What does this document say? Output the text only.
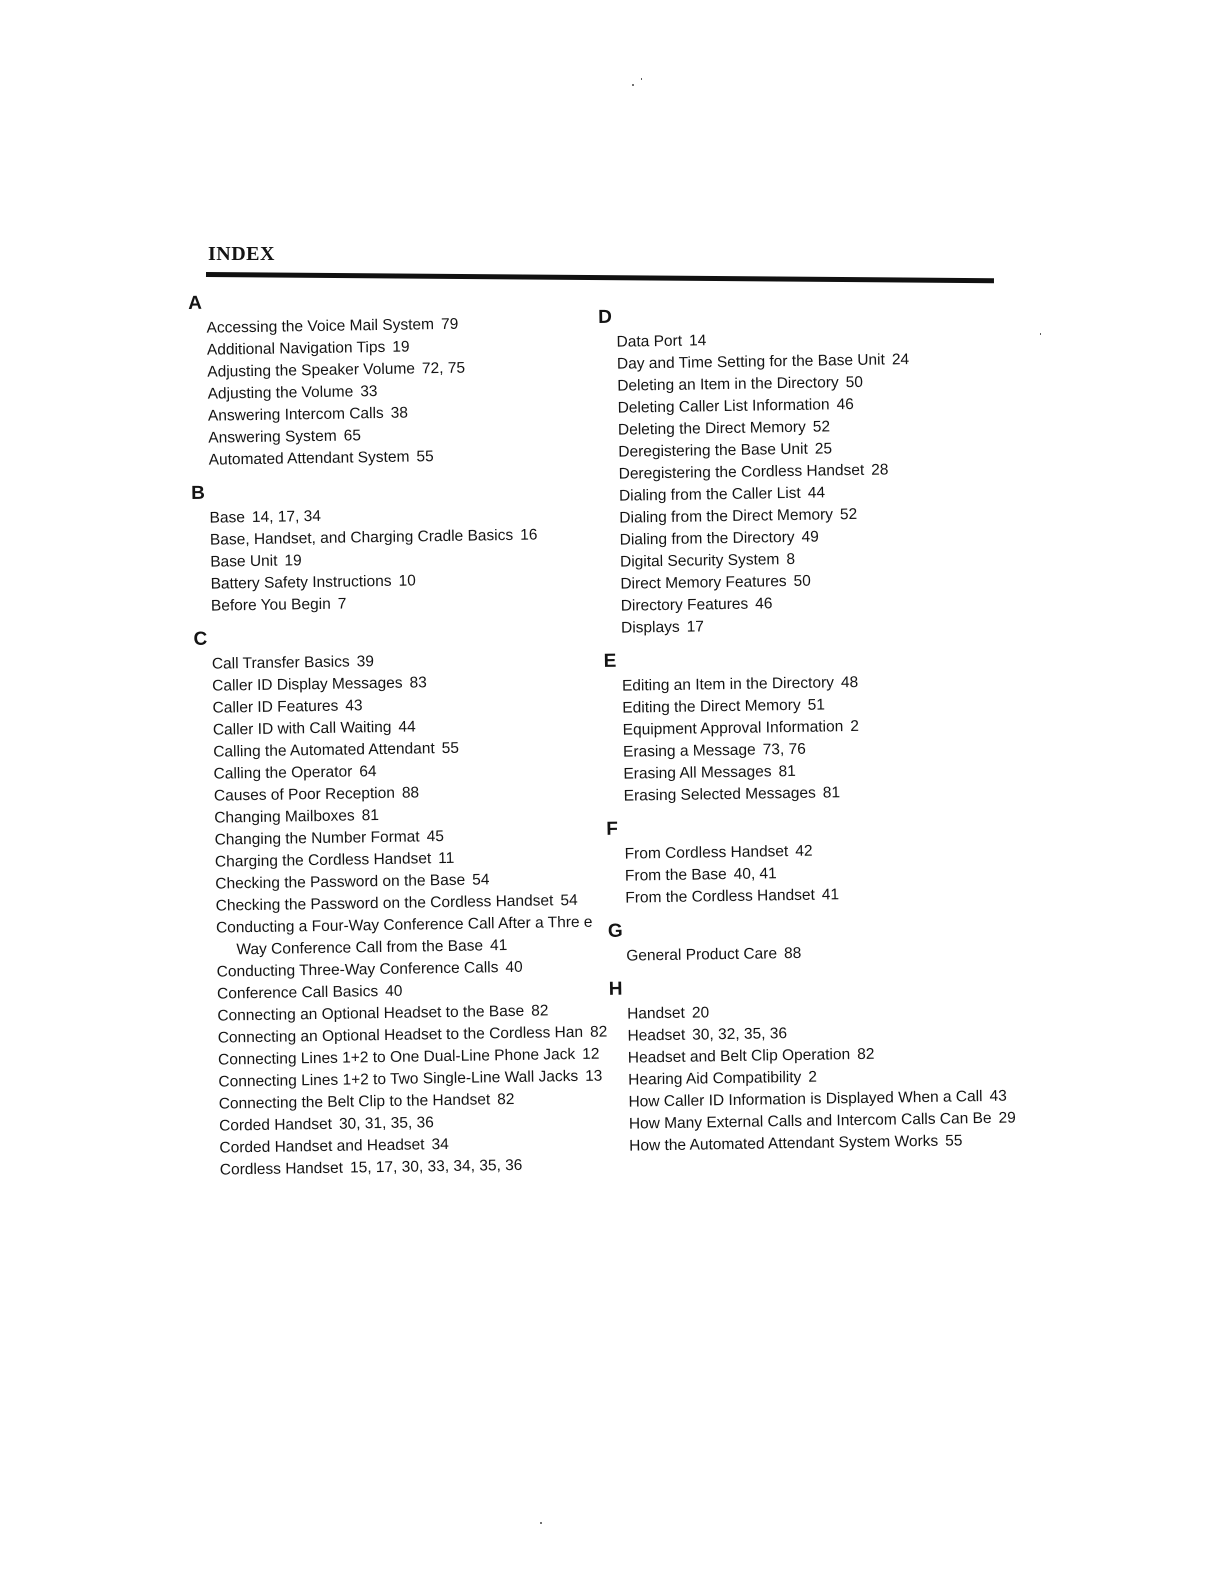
INDEX
A
Accessing the Voice Mail System 79
Additional Navigation Tips 19
Adjusting the Speaker Volume 72, 75
Adjusting the Volume 33
Answering Intercom Calls 38
Answering System 65
Automated Attendant System 55
B
Base 14, 17, 34
Base, Handset, and Charging Cradle Basics 16
Base Unit 19
Battery Safety Instructions 10
Before You Begin 7
C
Call Transfer Basics 39
Caller ID Display Messages 83
Caller ID Features 43
Caller ID with Call Waiting 44
Calling the Automated Attendant 55
Calling the Operator 64
Causes of Poor Reception 88
Changing Mailboxes 81
Changing the Number Format 45
Charging the Cordless Handset 11
Checking the Password on the Base 54
Checking the Password on the Cordless Handset 54
Conducting a Four-Way Conference Call After a Thre e Way Conference Call from the Base 41
Conducting Three-Way Conference Calls 40
Conference Call Basics 40
Connecting an Optional Headset to the Base 82
Connecting an Optional Headset to the Cordless Han 82
Connecting Lines 1+2 to One Dual-Line Phone Jack 12
Connecting Lines 1+2 to Two Single-Line Wall Jacks 13
Connecting the Belt Clip to the Handset 82
Corded Handset 30, 31, 35, 36
Corded Handset and Headset 34
Cordless Handset 15, 17, 30, 33, 34, 35, 36
D
Data Port 14
Day and Time Setting for the Base Unit 24
Deleting an Item in the Directory 50
Deleting Caller List Information 46
Deleting the Direct Memory 52
Deregistering the Base Unit 25
Deregistering the Cordless Handset 28
Dialing from the Caller List 44
Dialing from the Direct Memory 52
Dialing from the Directory 49
Digital Security System 8
Direct Memory Features 50
Directory Features 46
Displays 17
E
Editing an Item in the Directory 48
Editing the Direct Memory 51
Equipment Approval Information 2
Erasing a Message 73, 76
Erasing All Messages 81
Erasing Selected Messages 81
F
From Cordless Handset 42
From the Base 40, 41
From the Cordless Handset 41
G
General Product Care 88
H
Handset 20
Headset 30, 32, 35, 36
Headset and Belt Clip Operation 82
Hearing Aid Compatibility 2
How Caller ID Information is Displayed When a Call 43
How Many External Calls and Intercom Calls Can Be 29
How the Automated Attendant System Works 55
